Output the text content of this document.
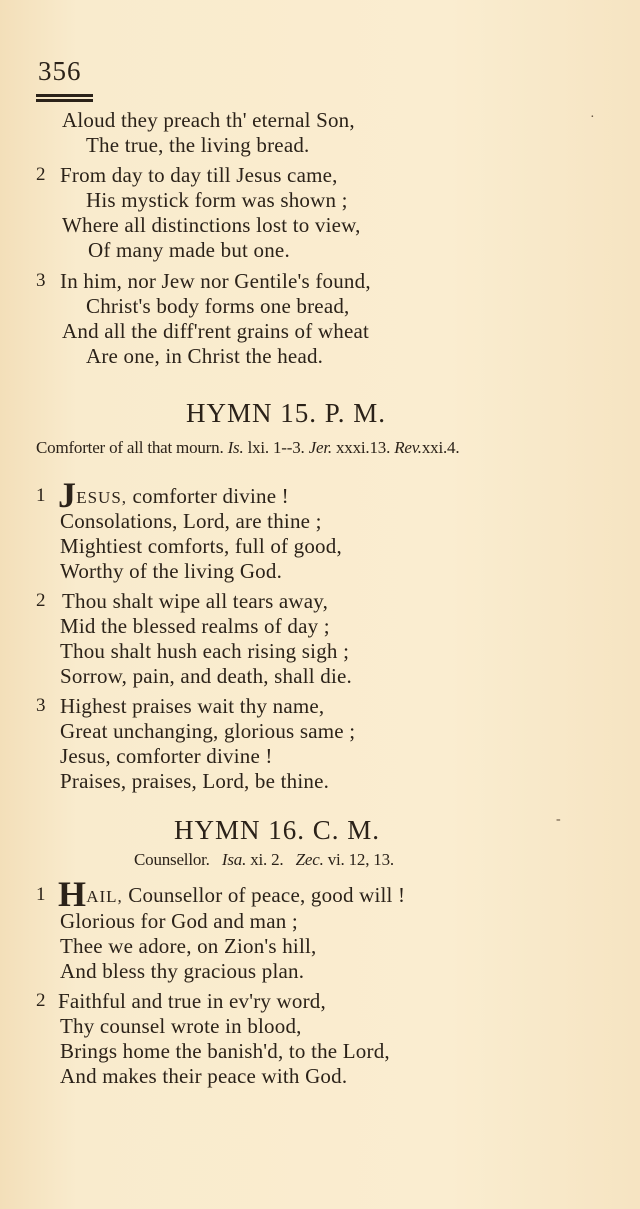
356
·
Aloud they preach th' eternal Son,
The true, the living bread.
2 From day to day till Jesus came,
His mystick form was shown ;
Where all distinctions lost to view,
Of many made but one.
3 In him, nor Jew nor Gentile's found,
Christ's body forms one bread,
And all the diff'rent grains of wheat
Are one, in Christ the head.
HYMN 15. P. M.
Comforter of all that mourn. Is. lxi. 1--3. Jer. xxxi.13. Rev.xxi.4.
1 JESUS, comforter divine !
Consolations, Lord, are thine ;
Mightiest comforts, full of good,
Worthy of the living God.
2 Thou shalt wipe all tears away,
Mid the blessed realms of day ;
Thou shalt hush each rising sigh ;
Sorrow, pain, and death, shall die.
3 Highest praises wait thy name,
Great unchanging, glorious same ;
Jesus, comforter divine !
Praises, praises, Lord, be thine.
HYMN 16. C. M.	-
Counsellor. Isa. xi. 2. Zec. vi. 12, 13.
1 HAIL, Counsellor of peace, good will !
Glorious for God and man ;
Thee we adore, on Zion's hill,
And bless thy gracious plan.
2 Faithful and true in ev'ry word,
Thy counsel wrote in blood,
Brings home the banish'd, to the Lord,
And makes their peace with God.
